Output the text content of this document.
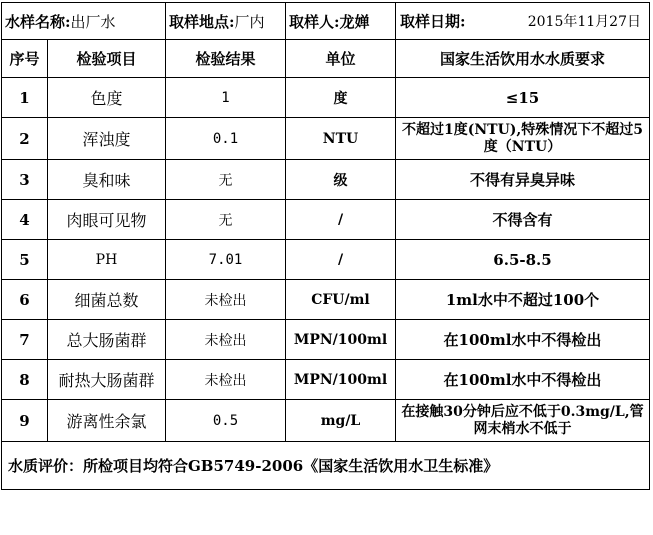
水样名称:出厂水		取样地点:厂内	取样人:龙婵	取样日期: 2015年11月27日

序号	检验项目	检验结果	单位	国家生活饮用水水质要求
1	色度	1	度	≤15
2	浑浊度	0.1	NTU	不超过1度(NTU),特殊情况下不超过5度（NTU）
3	臭和味	无	级	不得有异臭异味
4	肉眼可见物	无	/	不得含有
5	PH	7.01	/	6.5-8.5
6	细菌总数	未检出	CFU/ml	1ml水中不超过100个
7	总大肠菌群	未检出	MPN/100ml	在100ml水中不得检出
8	耐热大肠菌群	未检出	MPN/100ml	在100ml水中不得检出
9	游离性余氯	0.5	mg/L	在接触30分钟后应不低于0.3mg/L,管网末梢水不低于
水质评价：所检项目均符合GB5749-2006《国家生活饮用水卫生标准》				
